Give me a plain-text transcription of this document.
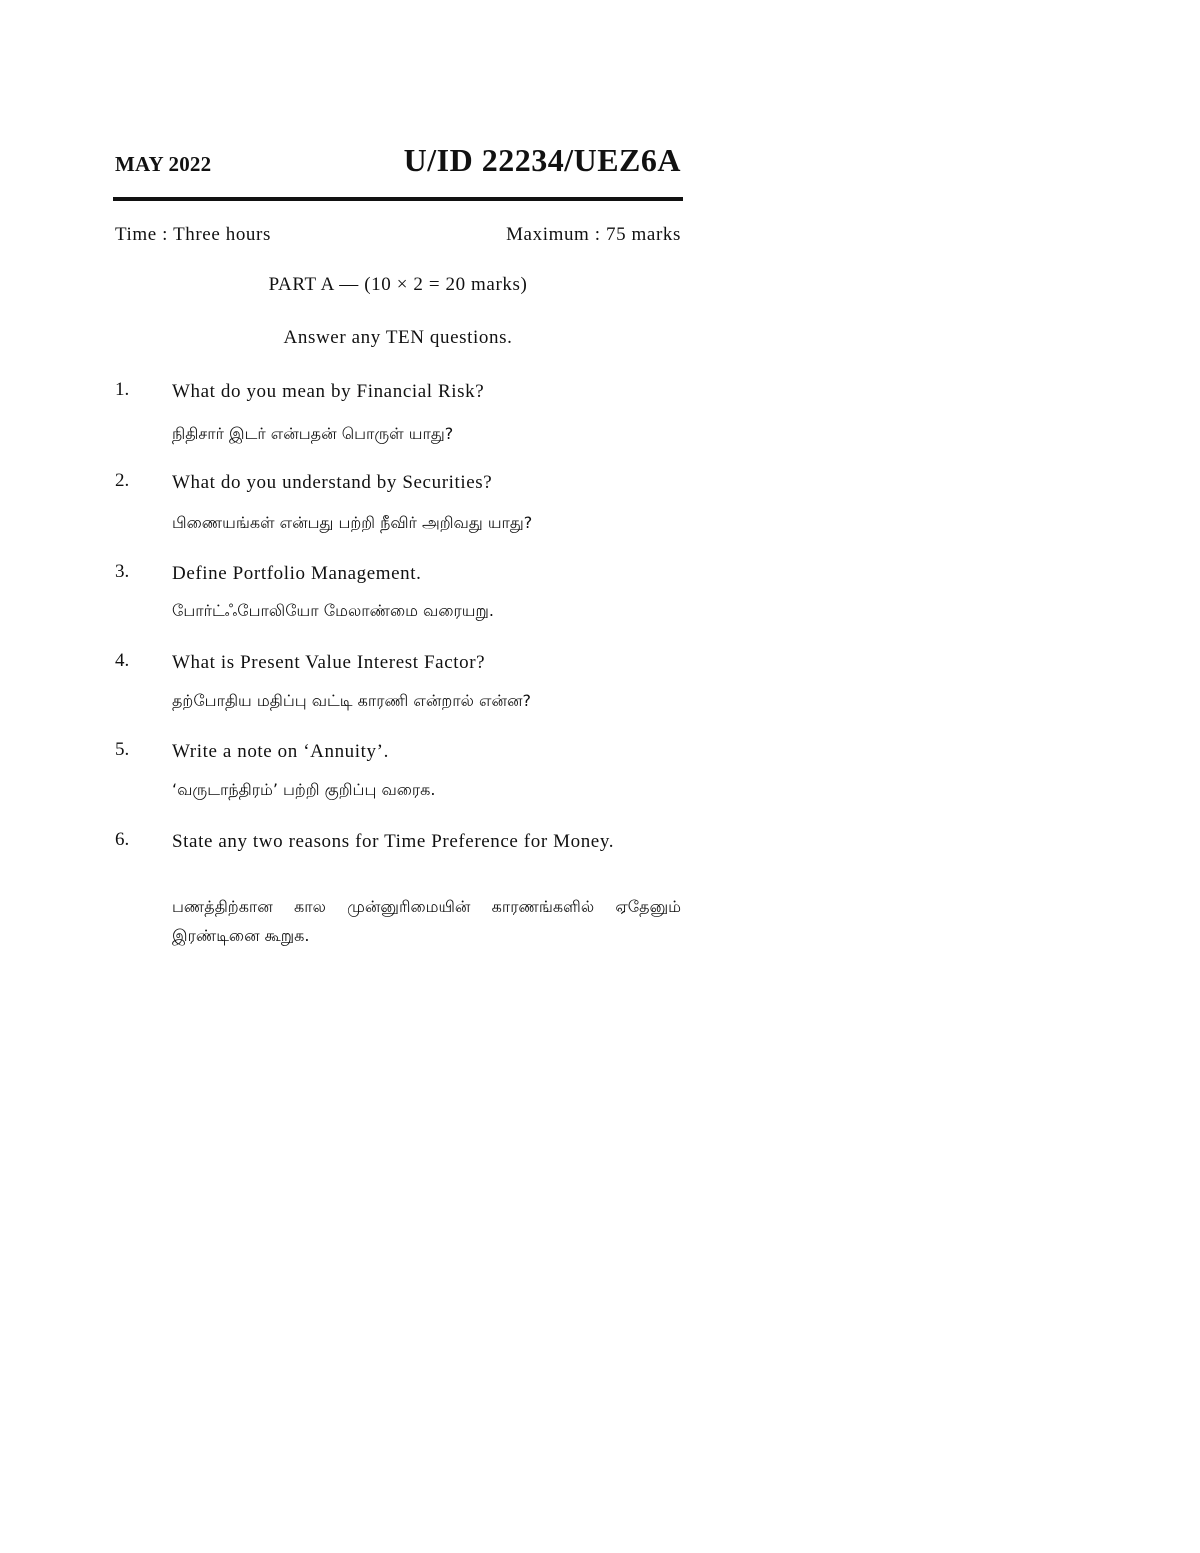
MAY 2022	U/ID 22234/UEZ6A
Time : Three hours	Maximum : 75 marks
PART A — (10 × 2 = 20 marks)
Answer any TEN questions.
1. What do you mean by Financial Risk?
நிதிசார் இடர் என்பதன் பொருள் யாது?
2. What do you understand by Securities?
பிணையங்கள் என்பது பற்றி நீவிர் அறிவது யாது?
3. Define Portfolio Management.
போர்ட்ஃபோலியோ மேலாண்மை வரையறு.
4. What is Present Value Interest Factor?
தற்போதிய மதிப்பு வட்டி காரணி என்றால் என்ன?
5. Write a note on ‘Annuity’.
‘வருடாந்திரம்’ பற்றி குறிப்பு வரைக.
6. State any two reasons for Time Preference for Money.
பணத்திற்கான கால முன்னுரிமையின் காரணங்களில் ஏதேனும் இரண்டினை கூறுக.
